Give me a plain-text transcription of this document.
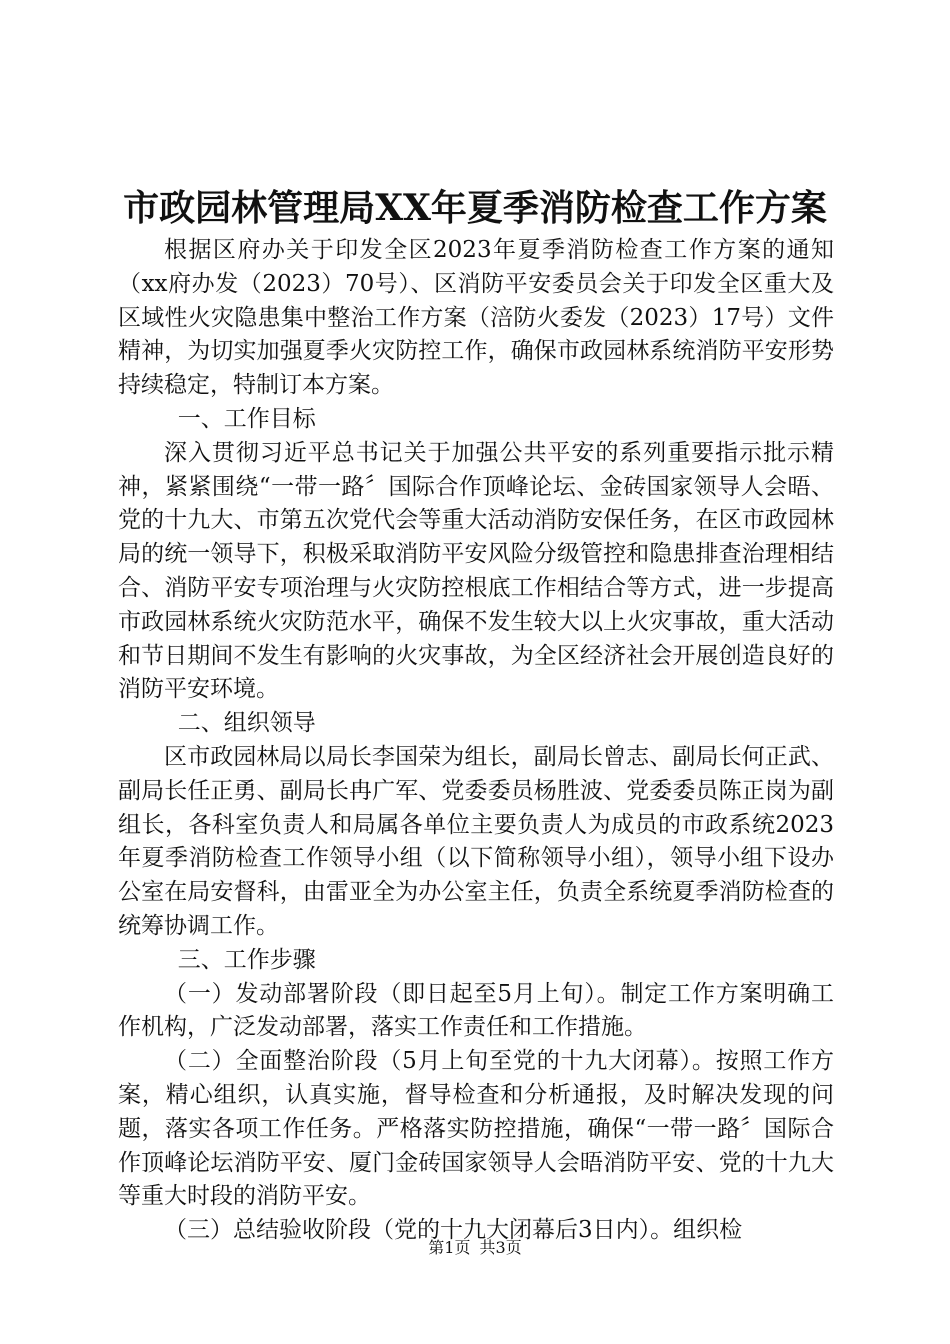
市政园林管理局XX年夏季消防检查工作方案

根据区府办关于印发全区2023年夏季消防检查工作方案的通知（xx府办发（2023）70号）、区消防平安委员会关于印发全区重大及区域性火灾隐患集中整治工作方案（涪防火委发（2023）17号）文件精神，为切实加强夏季火灾防控工作，确保市政园林系统消防平安形势持续稳定，特制订本方案。

一、工作目标

深入贯彻习近平总书记关于加强公共平安的系列重要指示批示精神，紧紧围绕“一带一路〞国际合作顶峰论坛、金砖国家领导人会晤、党的十九大、市第五次党代会等重大活动消防安保任务，在区市政园林局的统一领导下，积极采取消防平安风险分级管控和隐患排查治理相结合、消防平安专项治理与火灾防控根底工作相结合等方式，进一步提高市政园林系统火灾防范水平，确保不发生较大以上火灾事故，重大活动和节日期间不发生有影响的火灾事故，为全区经济社会开展创造良好的消防平安环境。

二、组织领导

区市政园林局以局长李国荣为组长，副局长曾志、副局长何正武、副局长任正勇、副局长冉广军、党委委员杨胜波、党委委员陈正岗为副组长，各科室负责人和局属各单位主要负责人为成员的市政系统2023年夏季消防检查工作领导小组（以下简称领导小组），领导小组下设办公室在局安督科，由雷亚全为办公室主任，负责全系统夏季消防检查的统筹协调工作。

三、工作步骤

（一）发动部署阶段（即日起至5月上旬）。制定工作方案明确工作机构，广泛发动部署，落实工作责任和工作措施。

（二）全面整治阶段（5月上旬至党的十九大闭幕）。按照工作方案，精心组织，认真实施，督导检查和分析通报，及时解决发现的问题，落实各项工作任务。严格落实防控措施，确保“一带一路〞国际合作顶峰论坛消防平安、厦门金砖国家领导人会晤消防平安、党的十九大等重大时段的消防平安。

（三）总结验收阶段（党的十九大闭幕后3日内）。组织检

第1页 共3页
